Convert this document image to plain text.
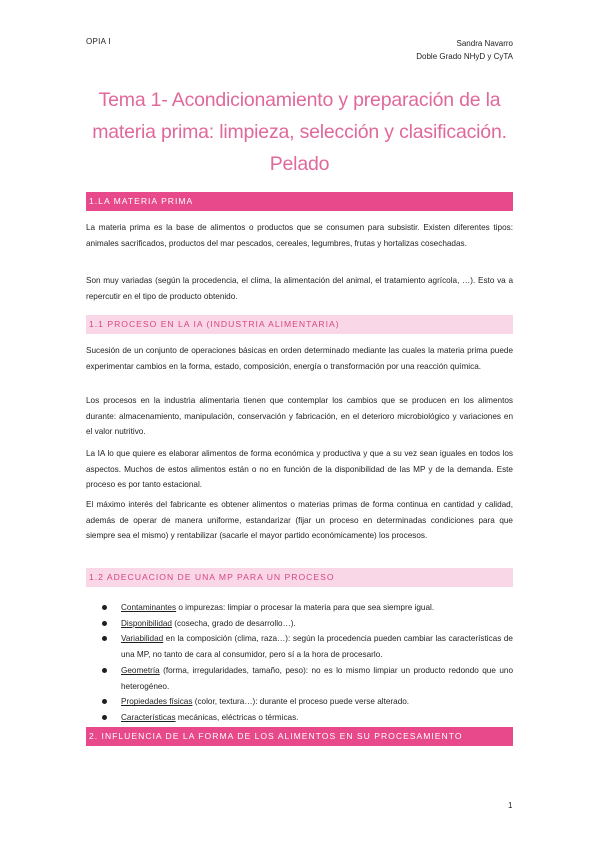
OPIA I	Sandra Navarro
Doble Grado NHyD y CyTA
Tema 1- Acondicionamiento y preparación de la
materia prima: limpieza, selección y clasificación.
Pelado
1.LA MATERIA PRIMA

La materia prima es la base de alimentos o productos que se consumen para subsistir. Existen diferentes tipos: animales sacrificados, productos del mar pescados, cereales, legumbres, frutas y hortalizas cosechadas.

Son muy variadas (según la procedencia, el clima, la alimentación del animal, el tratamiento agrícola, …). Esto va a repercutir en el tipo de producto obtenido.

1.1 PROCESO EN LA IA (INDUSTRIA ALIMENTARIA)

Sucesión de un conjunto de operaciones básicas en orden determinado mediante las cuales la materia prima puede experimentar cambios en la forma, estado, composición, energía o transformación por una reacción química.

Los procesos en la industria alimentaria tienen que contemplar los cambios que se producen en los alimentos durante: almacenamiento, manipulación, conservación y fabricación, en el deterioro microbiológico y variaciones en el valor nutritivo.

La IA lo que quiere es elaborar alimentos de forma económica y productiva y que a su vez sean iguales en todos los aspectos. Muchos de estos alimentos están o no en función de la disponibilidad de las MP y de la demanda. Este proceso es por tanto estacional.

El máximo interés del fabricante es obtener alimentos o materias primas de forma continua en cantidad y calidad, además de operar de manera uniforme, estandarizar (fijar un proceso en determinadas condiciones para que siempre sea el mismo) y rentabilizar (sacarle el mayor partido económicamente) los procesos.

1.2 ADECUACION DE UNA MP PARA UN PROCESO
Contaminantes o impurezas: limpiar o procesar la materia para que sea siempre igual.
Disponibilidad (cosecha, grado de desarrollo…).
Variabilidad en la composición (clima, raza…): según la procedencia pueden cambiar las características de una MP, no tanto de cara al consumidor, pero sí a la hora de procesarlo.
Geometría (forma, irregularidades, tamaño, peso): no es lo mismo limpiar un producto redondo que uno heterogéneo.
Propiedades físicas (color, textura…): durante el proceso puede verse alterado.
Características mecánicas, eléctricas o térmicas.
2. INFLUENCIA DE LA FORMA DE LOS ALIMENTOS EN SU PROCESAMIENTO
1
